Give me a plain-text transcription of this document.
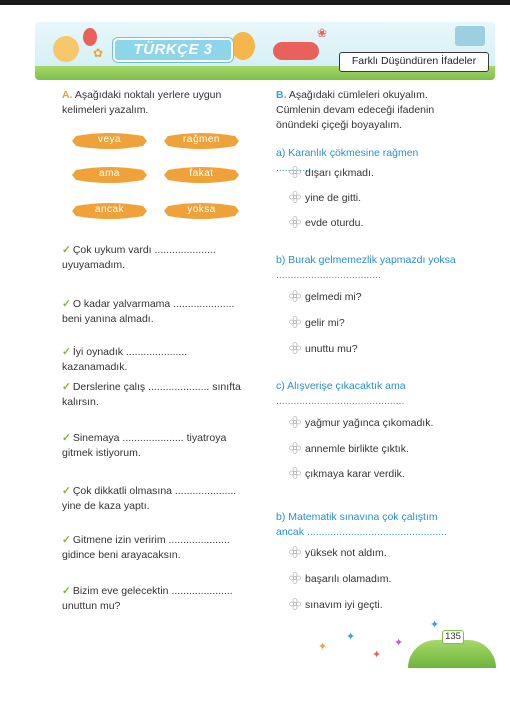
✿
❀
TÜRKÇE 3
Farklı Düşündüren İfadeler

A. Aşağıdaki noktalı yerlere uygun kelimeleri yazalım.

veya	rağmen
ama	fakat
ancak	yoksa

✓ Çok uykum vardı ..................... uyuyamadım.

✓ O kadar yalvarmama ..................... beni yanına almadı.

✓ İyi oynadık ..................... kazanamadık.

✓ Derslerine çalış ..................... sınıfta kalırsın.

✓ Sinemaya ..................... tiyatroya gitmek istiyorum.

✓ Çok dikkatli olmasına ..................... yine de kaza yaptı.

✓ Gitmene izin veririm ..................... gidince beni arayacaksın.

✓ Bizim eve gelecektin ..................... unuttun mu?

B. Aşağıdaki cümleleri okuyalım. Cümlenin devam edeceği ifadenin önündeki çiçeği boyayalım.

a) Karanlık çökmesine rağmen ..............

dışarı çıkmadı.
yine de gitti.
evde oturdu.

b) Burak gelmemezlik yapmazdı yoksa ....................................

gelmedi mi?
gelir mi?
unuttu mu?

c) Alışverişe çıkacaktık ama ............................................

yağmur yağınca çıkomadık.
annemle birlikte çıktık.
çıkmaya karar verdik.

b) Matematik sınavına çok çalıştım ancak ................................................

yüksek not aldım.
başarılı olamadım.
sınavım iyi geçti.
✦
✦
✦
✦
✦
135
